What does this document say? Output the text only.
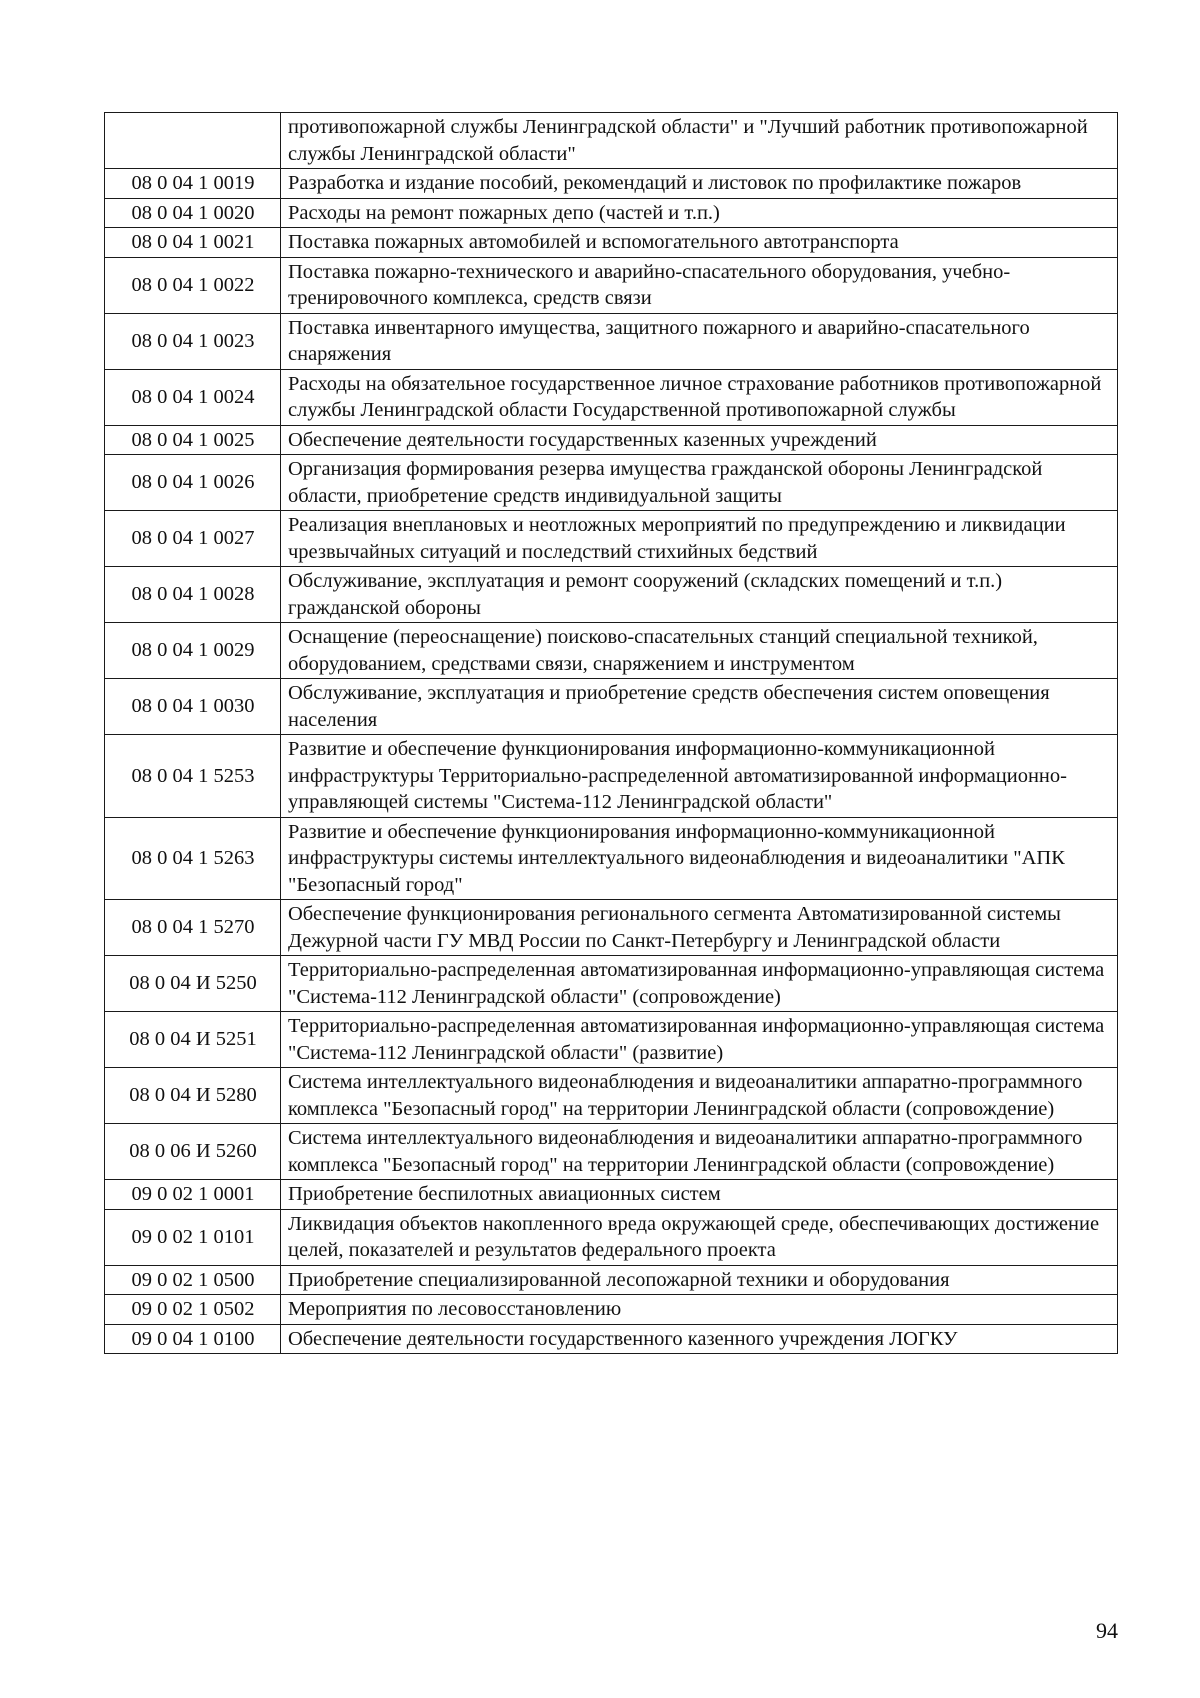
	противопожарной службы Ленинградской области" и "Лучший работник противопожарной службы Ленинградской области"
08 0 04 1 0019	Разработка и издание пособий, рекомендаций и листовок по профилактике пожаров
08 0 04 1 0020	Расходы на ремонт пожарных депо (частей и т.п.)
08 0 04 1 0021	Поставка пожарных автомобилей и вспомогательного автотранспорта
08 0 04 1 0022	Поставка пожарно-технического и аварийно-спасательного оборудования, учебно-тренировочного комплекса, средств связи
08 0 04 1 0023	Поставка инвентарного имущества, защитного пожарного и аварийно-спасательного снаряжения
08 0 04 1 0024	Расходы на обязательное государственное личное страхование работников противопожарной службы Ленинградской области Государственной противопожарной службы
08 0 04 1 0025	Обеспечение деятельности государственных казенных учреждений
08 0 04 1 0026	Организация формирования резерва имущества гражданской обороны Ленинградской области, приобретение средств индивидуальной защиты
08 0 04 1 0027	Реализация внеплановых и неотложных мероприятий по предупреждению и ликвидации чрезвычайных ситуаций и последствий стихийных бедствий
08 0 04 1 0028	Обслуживание, эксплуатация и ремонт сооружений (складских помещений и т.п.) гражданской обороны
08 0 04 1 0029	Оснащение (переоснащение) поисково-спасательных станций специальной техникой, оборудованием, средствами связи, снаряжением и инструментом
08 0 04 1 0030	Обслуживание, эксплуатация и приобретение средств обеспечения систем оповещения населения
08 0 04 1 5253	Развитие и обеспечение функционирования информационно-коммуникационной инфраструктуры Территориально-распределенной автоматизированной информационно-управляющей системы "Система-112 Ленинградской области"
08 0 04 1 5263	Развитие и обеспечение функционирования информационно-коммуникационной инфраструктуры системы интеллектуального видеонаблюдения и видеоаналитики "АПК "Безопасный город"
08 0 04 1 5270	Обеспечение функционирования регионального сегмента Автоматизированной системы Дежурной части ГУ МВД России по Санкт-Петербургу и Ленинградской области
08 0 04 И 5250	Территориально-распределенная автоматизированная информационно-управляющая система "Система-112 Ленинградской области" (сопровождение)
08 0 04 И 5251	Территориально-распределенная автоматизированная информационно-управляющая система "Система-112 Ленинградской области" (развитие)
08 0 04 И 5280	Система интеллектуального видеонаблюдения и видеоаналитики аппаратно-программного комплекса "Безопасный город" на территории Ленинградской области (сопровождение)
08 0 06 И 5260	Система интеллектуального видеонаблюдения и видеоаналитики аппаратно-программного комплекса "Безопасный город" на территории Ленинградской области (сопровождение)
09 0 02 1 0001	Приобретение беспилотных авиационных систем
09 0 02 1 0101	Ликвидация объектов накопленного вреда окружающей среде, обеспечивающих достижение целей, показателей и результатов федерального проекта
09 0 02 1 0500	Приобретение специализированной лесопожарной техники и оборудования
09 0 02 1 0502	Мероприятия по лесовосстановлению
09 0 04 1 0100	Обеспечение деятельности государственного казенного учреждения ЛОГКУ
94
